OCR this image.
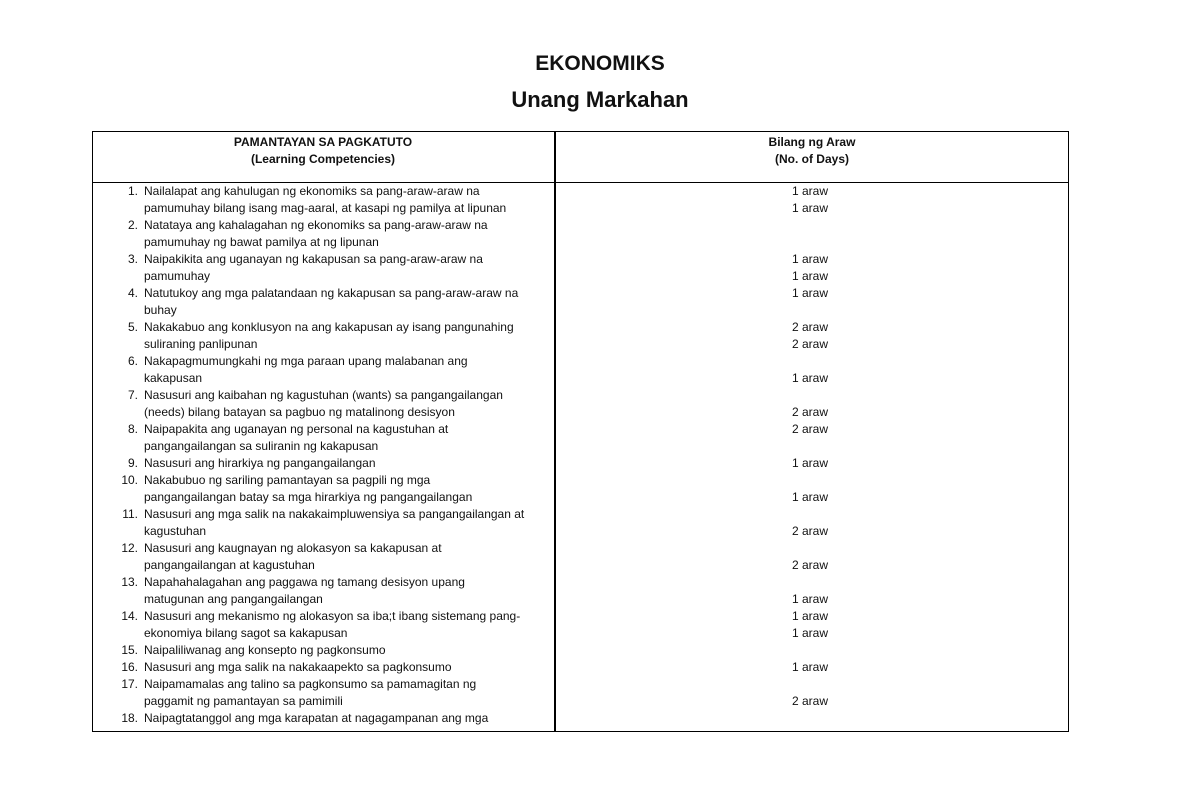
EKONOMIKS
Unang Markahan
PAMANTAYAN SA PAGKATUTO
(Learning Competencies)
Bilang ng Araw
(No. of Days)
1. Nailalapat ang kahulugan ng ekonomiks sa pang-araw-araw na
pamumuhay bilang isang mag-aaral, at kasapi ng pamilya at lipunan
2. Natataya ang kahalagahan ng ekonomiks sa pang-araw-araw na
pamumuhay ng bawat pamilya at ng lipunan
3. Naipakikita ang uganayan ng kakapusan sa pang-araw-araw na
pamumuhay
4. Natutukoy ang mga palatandaan ng kakapusan sa pang-araw-araw na
buhay
5. Nakakabuo ang konklusyon na ang kakapusan ay isang pangunahing
suliraning panlipunan
6. Nakapagmumungkahi ng mga paraan upang malabanan ang
kakapusan
7. Nasusuri ang kaibahan ng kagustuhan (wants) sa pangangailangan
(needs) bilang batayan sa pagbuo ng matalinong desisyon
8. Naipapakita ang uganayan ng personal na kagustuhan at
pangangailangan sa suliranin ng kakapusan
9. Nasusuri ang hirarkiya ng pangangailangan
10. Nakabubuo ng sariling pamantayan sa pagpili ng mga
pangangailangan batay sa mga hirarkiya ng pangangailangan
11. Nasusuri ang mga salik na nakakaimpluwensiya sa pangangailangan at
kagustuhan
12. Nasusuri ang kaugnayan ng alokasyon sa kakapusan at
pangangailangan at kagustuhan
13. Napahahalagahan ang paggawa ng tamang desisyon upang
matugunan ang pangangailangan
14. Nasusuri ang mekanismo ng alokasyon sa iba;t ibang sistemang pang-
ekonomiya bilang sagot sa kakapusan
15. Naipaliliwanag ang konsepto ng pagkonsumo
16. Nasusuri ang mga salik na nakakaapekto sa pagkonsumo
17. Naipamamalas ang talino sa pagkonsumo sa pamamagitan ng
paggamit ng pamantayan sa pamimili
18. Naipagtatanggol ang mga karapatan at nagagampanan ang mga
1 araw
1 araw
1 araw
1 araw
1 araw
2 araw
2 araw
1 araw
2 araw
2 araw
1 araw
1 araw
2 araw
2 araw
1 araw
1 araw
1 araw
1 araw
2 araw
